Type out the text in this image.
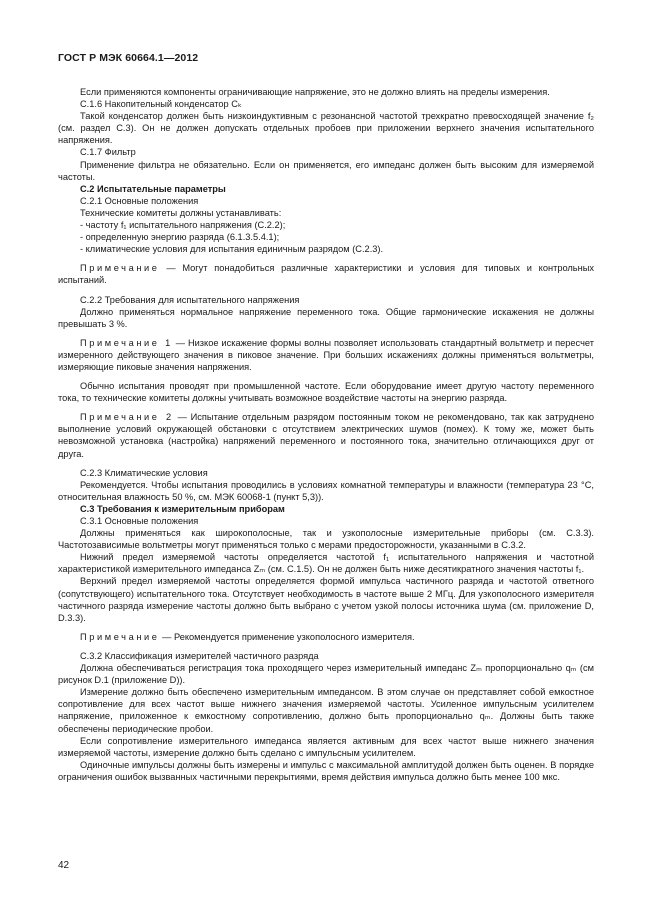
ГОСТ Р МЭК 60664.1—2012

Если применяются компоненты ограничивающие напряжение, это не должно влиять на пределы измерения.

C.1.6 Накопительный конденсатор Cₖ

Такой конденсатор должен быть низкоиндуктивным с резонансной частотой трехкратно превосходящей значение f₂ (см. раздел С.3). Он не должен допускать отдельных пробоев при приложении верхнего значения испытательного напряжения.

С.1.7 Фильтр

Применение фильтра не обязательно. Если он применяется, его импеданс должен быть высоким для измеряемой частоты.

С.2 Испытательные параметры

С.2.1 Основные положения

Технические комитеты должны устанавливать:

- частоту f₁ испытательного напряжения (С.2.2);

- определенную энергию разряда (6.1.3.5.4.1);

- климатические условия для испытания единичным разрядом (С.2.3).

Примечание — Могут понадобиться различные характеристики и условия для типовых и контрольных испытаний.

С.2.2 Требования для испытательного напряжения

Должно применяться нормальное напряжение переменного тока. Общие гармонические искажения не должны превышать 3 %.

Примечание 1 — Низкое искажение формы волны позволяет использовать стандартный вольтметр и пересчет измеренного действующего значения в пиковое значение. При больших искажениях должны применяться вольтметры, измеряющие пиковые значения напряжения.

Обычно испытания проводят при промышленной частоте. Если оборудование имеет другую частоту переменного тока, то технические комитеты должны учитывать возможное воздействие частоты на энергию разряда.

Примечание 2 — Испытание отдельным разрядом постоянным током не рекомендовано, так как затруднено выполнение условий окружающей обстановки с отсутствием электрических шумов (помех). К тому же, может быть невозможной установка (настройка) напряжений переменного и постоянного тока, значительно отличающихся друг от друга.

С.2.3 Климатические условия

Рекомендуется. Чтобы испытания проводились в условиях комнатной температуры и влажности (температура 23 °С, относительная влажность 50 %, см. МЭК 60068-1 (пункт 5,3)).

С.3 Требования к измерительным приборам

С.3.1 Основные положения

Должны применяться как широкополосные, так и узкополосные измерительные приборы (см. С.3.3). Частотозависимые вольтметры могут применяться только с мерами предосторожности, указанными в С.3.2.

Нижний предел измеряемой частоты определяется частотой f₁ испытательного напряжения и частотной характеристикой измерительного импеданса Zₘ (см. С.1.5). Он не должен быть ниже десятикратного значения частоты f₁.

Верхний предел измеряемой частоты определяется формой импульса частичного разряда и частотой ответного (сопутствующего) испытательного тока. Отсутствует необходимость в частоте выше 2 МГц. Для узкополосного измерителя частичного разряда измерение частоты должно быть выбрано с учетом узкой полосы источника шума (см. приложение D, D.3.3).

Примечание — Рекомендуется применение узкополосного измерителя.

С.3.2 Классификация измерителей частичного разряда

Должна обеспечиваться регистрация тока проходящего через измерительный импеданс Zₘ пропорционально qₘ (см рисунок D.1 (приложение D)).

Измерение должно быть обеспечено измерительным импедансом. В этом случае он представляет собой емкостное сопротивление для всех частот выше нижнего значения измеряемой частоты. Усиленное импульсным усилителем напряжение, приложенное к емкостному сопротивлению, должно быть пропорционально qₘ. Должны быть также обеспечены периодические пробои.

Если сопротивление измерительного импеданса является активным для всех частот выше нижнего значения измеряемой частоты, измерение должно быть сделано с импульсным усилителем.

Одиночные импульсы должны быть измерены и импульс с максимальной амплитудой должен быть оценен. В порядке ограничения ошибок вызванных частичными перекрытиями, время действия импульса должно быть менее 100 мкс.

42
